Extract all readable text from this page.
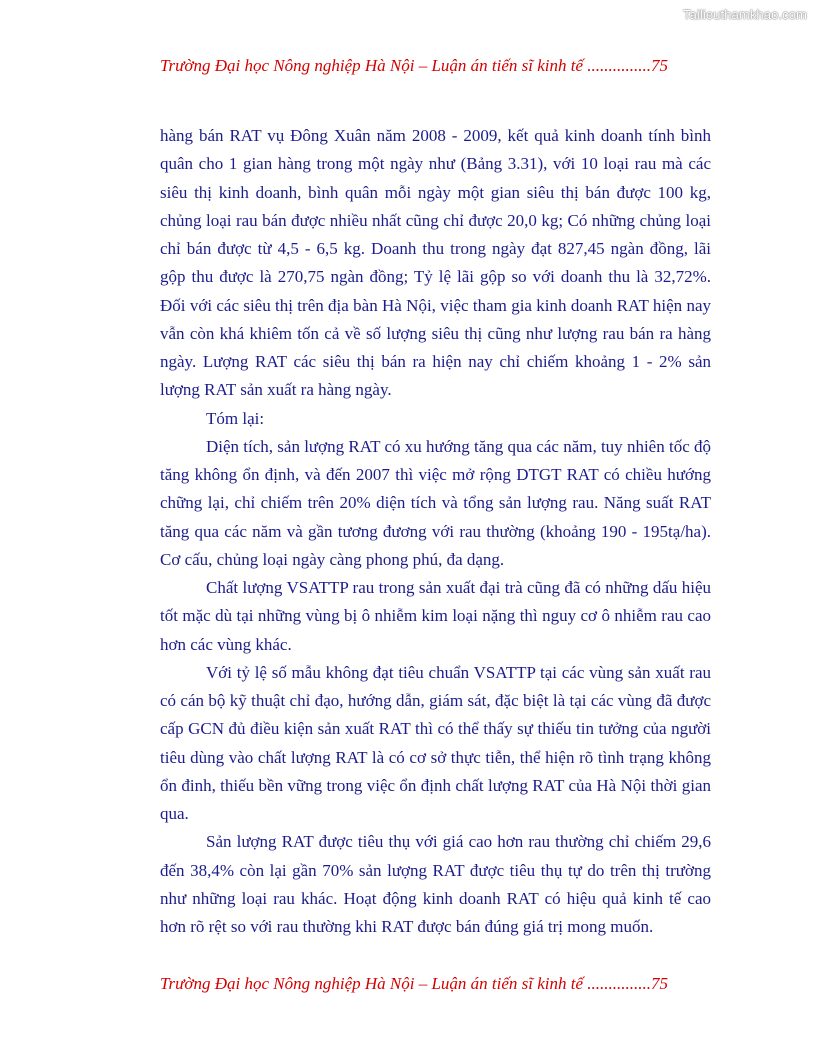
Tailieuthamkhao.com
Trường Đại học Nông nghiệp Hà Nội – Luận án tiến sĩ kinh tế ...............75

hàng bán RAT vụ Đông Xuân năm 2008 - 2009, kết quả kinh doanh tính bình quân cho 1 gian hàng trong một ngày như (Bảng 3.31), với 10 loại rau mà các siêu thị kinh doanh, bình quân mỗi ngày một gian siêu thị bán được 100 kg, chủng loại rau bán được nhiều nhất cũng chỉ được 20,0 kg; Có những chủng loại chỉ bán được từ 4,5 - 6,5 kg. Doanh thu trong ngày đạt 827,45 ngàn đồng, lãi gộp thu được là 270,75 ngàn đồng; Tỷ lệ lãi gộp so với doanh thu là 32,72%. Đối với các siêu thị trên địa bàn Hà Nội, việc tham gia kinh doanh RAT hiện nay vẫn còn khá khiêm tốn cả về số lượng siêu thị cũng như lượng rau bán ra hàng ngày. Lượng RAT các siêu thị bán ra hiện nay chỉ chiếm khoảng 1 - 2% sản lượng RAT sản xuất ra hàng ngày.

Tóm lại:

Diện tích, sản lượng RAT có xu hướng tăng qua các năm, tuy nhiên tốc độ tăng không ổn định, và đến 2007 thì việc mở rộng DTGT RAT có chiều hướng chững lại, chỉ chiếm trên 20% diện tích và tổng sản lượng rau. Năng suất RAT tăng qua các năm và gần tương đương với rau thường (khoảng 190 - 195tạ/ha). Cơ cấu, chủng loại ngày càng phong phú, đa dạng.

Chất lượng VSATTP rau trong sản xuất đại trà cũng đã có những dấu hiệu tốt mặc dù tại những vùng bị ô nhiễm kim loại nặng thì nguy cơ ô nhiễm rau cao hơn các vùng khác.

Với tỷ lệ số mẫu không đạt tiêu chuẩn VSATTP tại các vùng sản xuất rau có cán bộ kỹ thuật chỉ đạo, hướng dẫn, giám sát, đặc biệt là tại các vùng đã được cấp GCN đủ điều kiện sản xuất RAT thì có thể thấy sự thiếu tin tưởng của người tiêu dùng vào chất lượng RAT là có cơ sở thực tiễn, thể hiện rõ tình trạng không ổn đinh, thiếu bền vững trong việc ổn định chất lượng RAT của Hà Nội thời gian qua.

Sản lượng RAT được tiêu thụ với giá cao hơn rau thường chỉ chiếm 29,6 đến 38,4% còn lại gần 70% sản lượng RAT được tiêu thụ tự do trên thị trường như những loại rau khác. Hoạt động kinh doanh RAT có hiệu quả kinh tế cao hơn rõ rệt so với rau thường khi RAT được bán đúng giá trị mong muốn.

Trường Đại học Nông nghiệp Hà Nội – Luận án tiến sĩ kinh tế ...............75
